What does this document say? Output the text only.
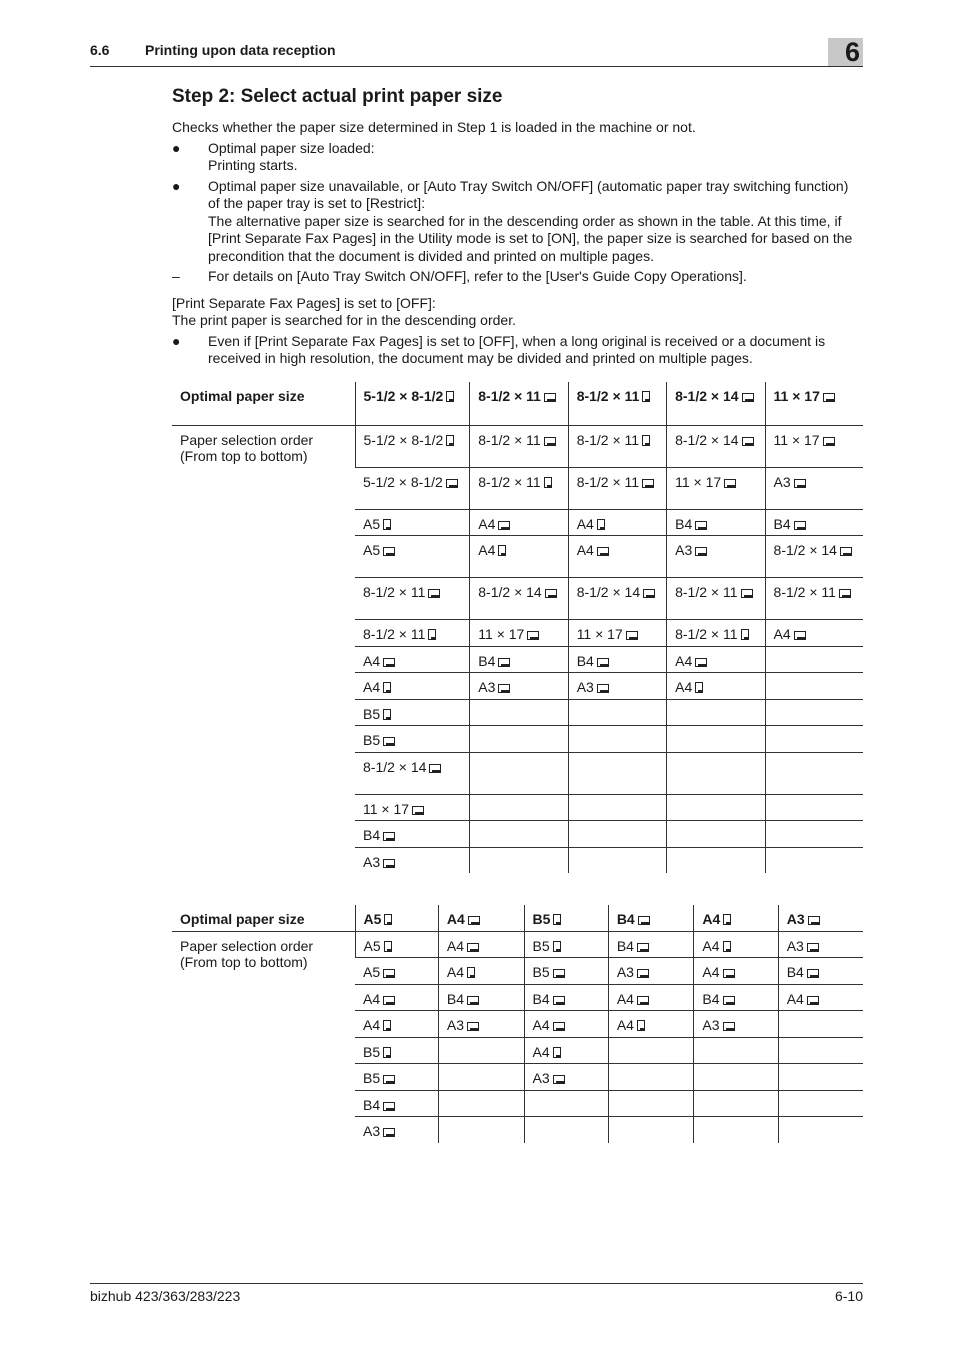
6.6	Printing upon data reception	6
Step 2: Select actual print paper size

Checks whether the paper size determined in Step 1 is loaded in the machine or not.

● Optimal paper size loaded:
Printing starts.
● Optimal paper size unavailable, or [Auto Tray Switch ON/OFF] (automatic paper tray switching function) of the paper tray is set to [Restrict]:
The alternative paper size is searched for in the descending order as shown in the table. At this time, if [Print Separate Fax Pages] in the Utility mode is set to [ON], the paper size is searched for based on the precondition that the document is divided and printed on multiple pages.
– For details on [Auto Tray Switch ON/OFF], refer to the [User's Guide Copy Operations].

[Print Separate Fax Pages] is set to [OFF]:

The print paper is searched for in the descending order.

● Even if [Print Separate Fax Pages] is set to [OFF], when a long original is received or a document is received in high resolution, the document may be divided and printed on multiple pages.
Optimal paper size	5-1/2 × 8-1/2	8-1/2 × 11	8-1/2 × 11	8-1/2 × 14	11 × 17
Paper selection order (From top to bottom)	5-1/2 × 8-1/2	8-1/2 × 11	8-1/2 × 11	8-1/2 × 14	11 × 17
	5-1/2 × 8-1/2	8-1/2 × 11	8-1/2 × 11	11 × 17	A3
	A5	A4	A4	B4	B4
	A5	A4	A4	A3	8-1/2 × 14
	8-1/2 × 11	8-1/2 × 14	8-1/2 × 14	8-1/2 × 11	8-1/2 × 11
	8-1/2 × 11	11 × 17	11 × 17	8-1/2 × 11	A4
	A4	B4	B4	A4	
	A4	A3	A3	A4	
	B5				
	B5				
	8-1/2 × 14				
	11 × 17				
	B4				
	A3				
Optimal paper size	A5	A4	B5	B4	A4	A3
Paper selection order (From top to bottom)	A5	A4	B5	B4	A4	A3
	A5	A4	B5	A3	A4	B4
	A4	B4	B4	A4	B4	A4
	A4	A3	A4	A4	A3	
	B5		A4			
	B5		A3			
	B4					
	A3					
bizhub 423/363/283/223	6-10
